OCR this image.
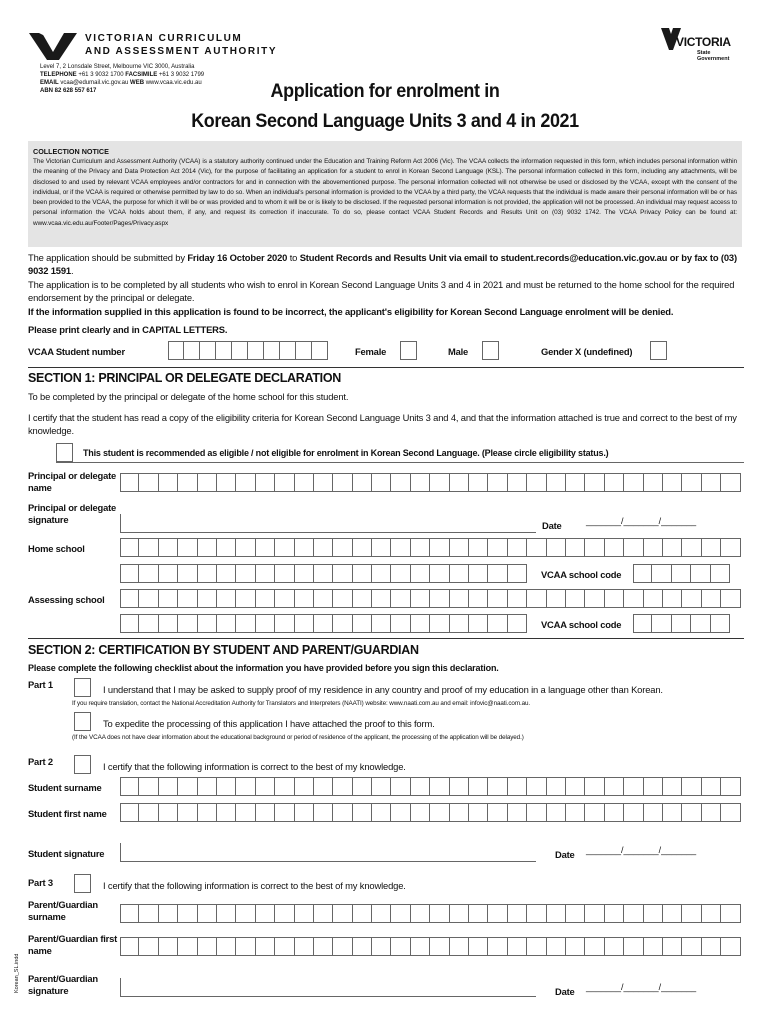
VICTORIAN CURRICULUM
AND ASSESSMENT AUTHORITY
Level 7, 2 Lonsdale Street, Melbourne VIC 3000, Australia
TELEPHONE +61 3 9032 1700 FACSIMILE +61 3 9032 1799
EMAIL vcaa@edumail.vic.gov.au WEB www.vcaa.vic.edu.au
ABN 82 628 557 617
VICTORIA
State
Government
Application for enrolment in
Korean Second Language Units 3 and 4 in 2021
COLLECTION NOTICE
The Victorian Curriculum and Assessment Authority (VCAA) is a statutory authority continued under the Education and Training Reform Act 2006 (Vic). The VCAA collects the information requested in this form, which includes personal information within the meaning of the Privacy and Data Protection Act 2014 (Vic), for the purpose of facilitating an application for a student to enrol in Korean Second Language (KSL). The personal information collected in this form, including any attachments, will be disclosed to and used by relevant VCAA employees and/or contractors for and in connection with the abovementioned purpose. The personal information collected will not otherwise be used or disclosed by the VCAA, except with the consent of the individual, or if the VCAA is required or otherwise permitted by law to do so. When an individual's personal information is provided to the VCAA by a third party, the VCAA requests that the individual is made aware their personal information will be or has been provided to the VCAA, the purpose for which it will be or was provided and to whom it will be or is likely to be disclosed. If the requested personal information is not provided, the application will not be processed. An individual may request access to personal information the VCAA holds about them, if any, and request its correction if inaccurate. To do so, please contact VCAA Student Records and Results Unit on (03) 9032 1742. The VCAA Privacy Policy can be found at: www.vcaa.vic.edu.au/Footer/Pages/Privacy.aspx
The application should be submitted by Friday 16 October 2020 to Student Records and Results Unit via email to student.records@education.vic.gov.au or by fax to (03) 9032 1591.
The application is to be completed by all students who wish to enrol in Korean Second Language Units 3 and 4 in 2021 and must be returned to the home school for the required endorsement by the principal or delegate.
If the information supplied in this application is found to be incorrect, the applicant's eligibility for Korean Second Language enrolment will be denied.
Please print clearly and in CAPITAL LETTERS.
VCAA Student number	Female	Male	Gender X (undefined)
SECTION 1: PRINCIPAL OR DELEGATE DECLARATION
To be completed by the principal or delegate of the home school for this student.
I certify that the student has read a copy of the eligibility criteria for Korean Second Language Units 3 and 4, and that the information attached is true and correct to the best of my knowledge.
This student is recommended as eligible / not eligible for enrolment in Korean Second Language. (Please circle eligibility status.)
Principal or delegate name
Principal or delegate signature
Date	_______/_______/_______
Home school
VCAA school code
Assessing school
VCAA school code
SECTION 2: CERTIFICATION BY STUDENT AND PARENT/GUARDIAN
Please complete the following checklist about the information you have provided before you sign this declaration.
Part 1	I understand that I may be asked to supply proof of my residence in any country and proof of my education in a language other than Korean.
If you require translation, contact the National Accreditation Authority for Translators and Interpreters (NAATI) website: www.naati.com.au and email: infovic@naati.com.au.
To expedite the processing of this application I have attached the proof to this form.
(If the VCAA does not have clear information about the educational background or period of residence of the applicant, the processing of the application will be delayed.)
Part 2	I certify that the following information is correct to the best of my knowledge.
Student surname
Student first name
Student signature	Date _______/_______/_______
Part 3	I certify that the following information is correct to the best of my knowledge.
Parent/Guardian surname
Parent/Guardian first name
Parent/Guardian signature	Date _______/_______/_______
Korean_SL.indd
